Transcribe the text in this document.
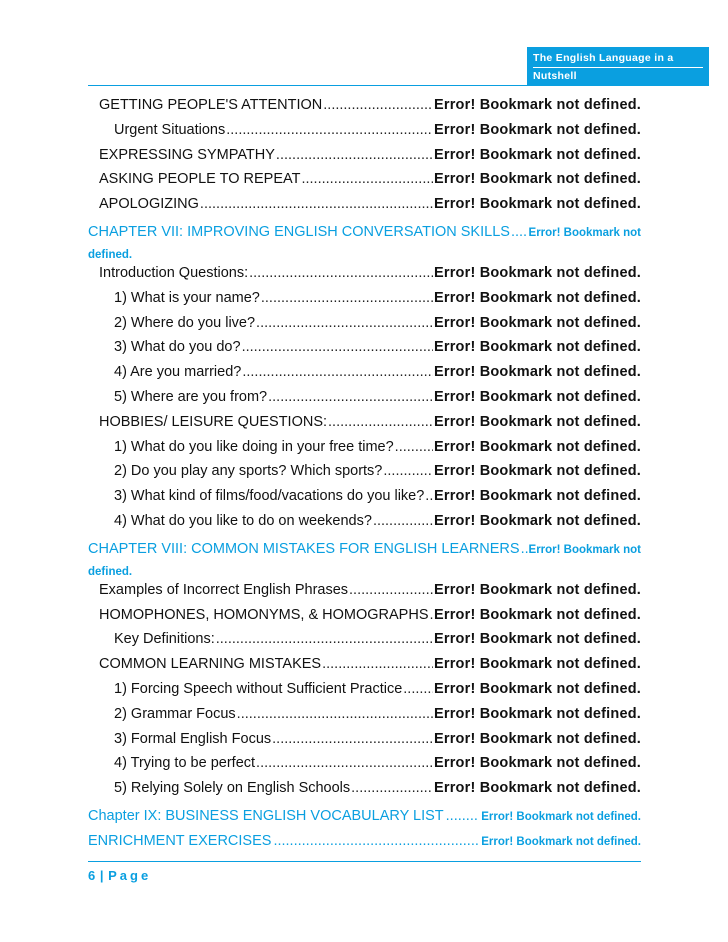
The English Language in a
Nutshell
GETTING PEOPLE'S ATTENTION .....	Error! Bookmark not defined.
Urgent Situations .....	Error! Bookmark not defined.
EXPRESSING SYMPATHY .....	Error! Bookmark not defined.
ASKING PEOPLE TO REPEAT .....	Error! Bookmark not defined.
APOLOGIZING .....	Error! Bookmark not defined.
CHAPTER VII: IMPROVING ENGLISH CONVERSATION SKILLS ..... Error! Bookmark not
defined.
Introduction Questions: .....	Error! Bookmark not defined.
1) What is your name? .....	Error! Bookmark not defined.
2) Where do you live? .....	Error! Bookmark not defined.
3) What do you do? .....	Error! Bookmark not defined.
4) Are you married? .....	Error! Bookmark not defined.
5) Where are you from? .....	Error! Bookmark not defined.
HOBBIES/ LEISURE QUESTIONS: .....	Error! Bookmark not defined.
1) What do you like doing in your free time? .....	Error! Bookmark not defined.
2) Do you play any sports? Which sports? .....	Error! Bookmark not defined.
3) What kind of films/food/vacations do you like? ..... Error! Bookmark not defined.
4) What do you like to do on weekends? .....	Error! Bookmark not defined.
CHAPTER VIII: COMMON MISTAKES FOR ENGLISH LEARNERS ..... Error! Bookmark not
defined.
Examples of Incorrect English Phrases .....	Error! Bookmark not defined.
HOMOPHONES, HOMONYMS, & HOMOGRAPHS ..... Error! Bookmark not defined.
Key Definitions: .....	Error! Bookmark not defined.
COMMON LEARNING MISTAKES .....	Error! Bookmark not defined.
1) Forcing Speech without Sufficient Practice ..... Error! Bookmark not defined.
2) Grammar Focus .....	Error! Bookmark not defined.
3) Formal English Focus .....	Error! Bookmark not defined.
4) Trying to be perfect .....	Error! Bookmark not defined.
5) Relying Solely on English Schools .....	Error! Bookmark not defined.
Chapter IX: BUSINESS ENGLISH VOCABULARY LIST .....	Error! Bookmark not defined.
ENRICHMENT EXERCISES .....	Error! Bookmark not defined.
6 | Page
